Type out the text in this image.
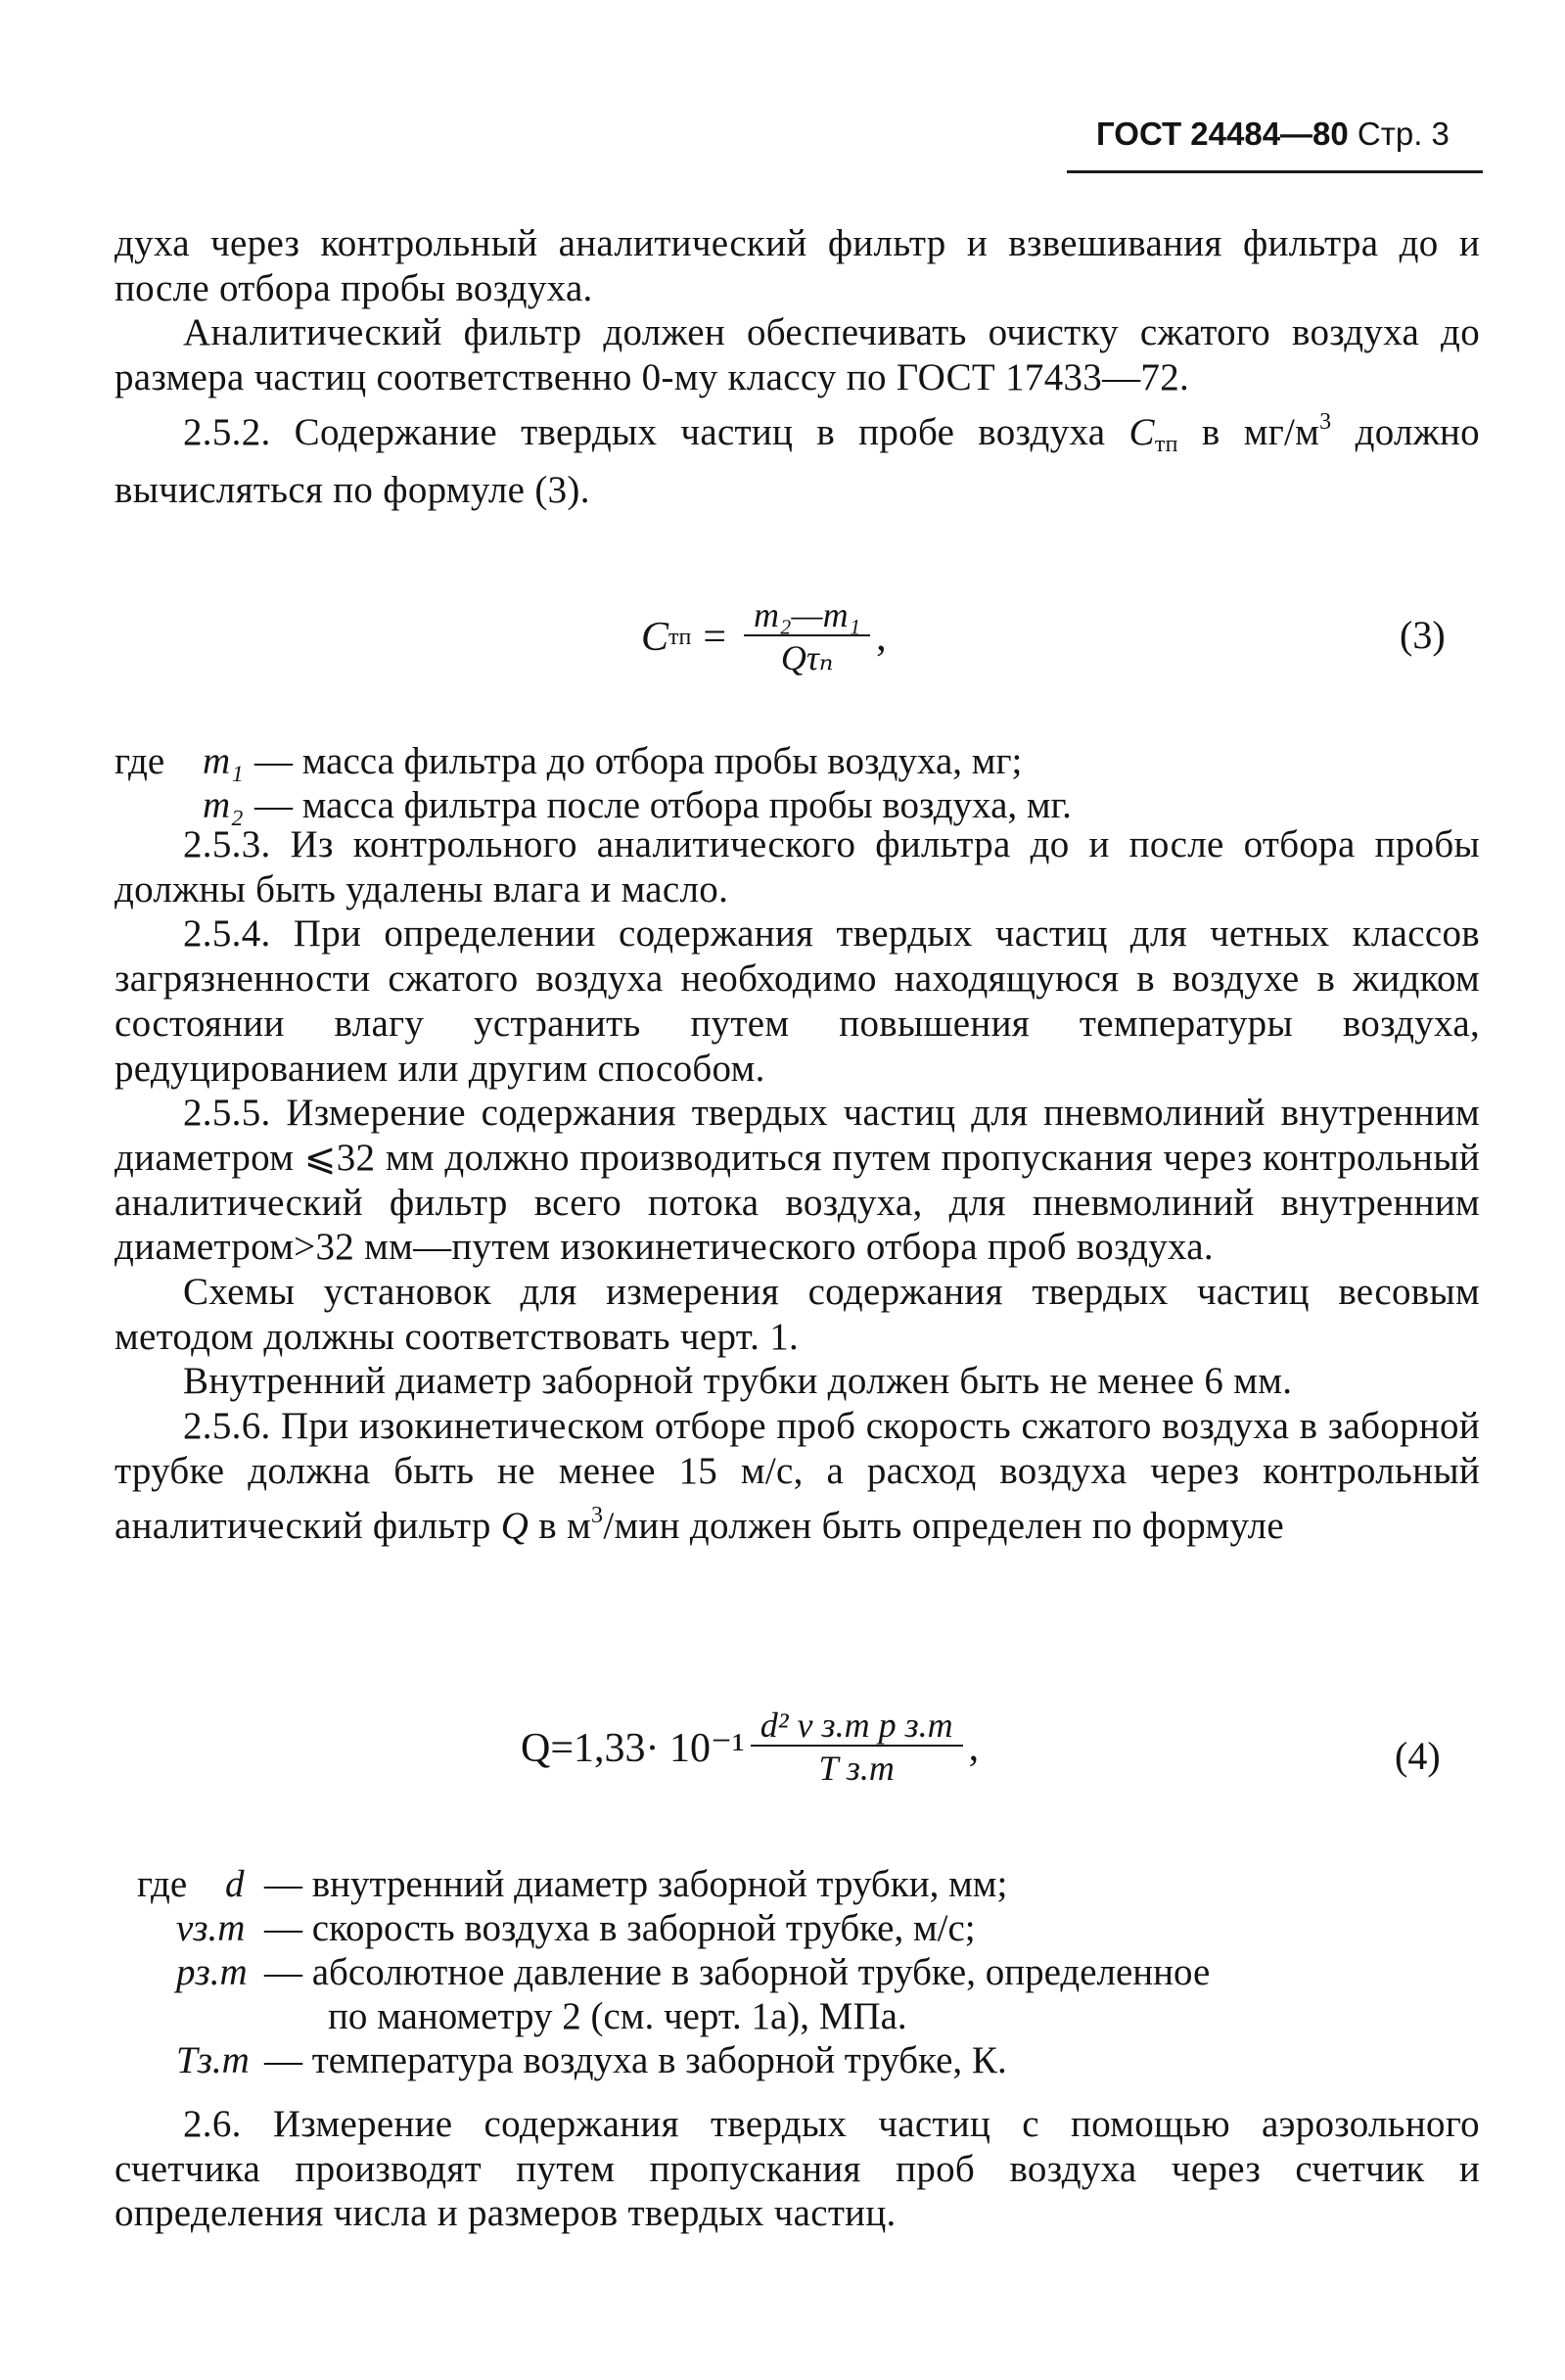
ГОСТ 24484—80 Стр. 3

духа через контрольный аналитический фильтр и взвешивания фильтра до и после отбора пробы воздуха.

Аналитический фильтр должен обеспечивать очистку сжатого воздуха до размера частиц соответственно 0-му классу по ГОСТ 17433—72.

2.5.2. Содержание твердых частиц в пробе воздуха $C_{тп}$ в $мг/м^3$ должно вычисляться по формуле (3).

C тп = $\frac{\text{m₂—m₁}}{\text{Qτₙ}}$ ,	(3)
где m₁ — масса фильтра до отбора пробы воздуха, мг;
m₂ — масса фильтра после отбора пробы воздуха, мг.

2.5.3. Из контрольного аналитического фильтра до и после отбора пробы должны быть удалены влага и масло.

2.5.4. При определении содержания твердых частиц для четных классов загрязненности сжатого воздуха необходимо находящуюся в воздухе в жидком состоянии влагу устранить путем повышения температуры воздуха, редуцированием или другим способом.

2.5.5. Измерение содержания твердых частиц для пневмолиний внутренним диаметром ⩽32 мм должно производиться путем пропускания через контрольный аналитический фильтр всего потока воздуха, для пневмолиний внутренним диаметром>32 мм—путем изокинетического отбора проб воздуха.

Схемы установок для измерения содержания твердых частиц весовым методом должны соответствовать черт. 1.

Внутренний диаметр заборной трубки должен быть не менее 6 мм.

2.5.6. При изокинетическом отборе проб скорость сжатого воздуха в заборной трубке должна быть не менее 15 м/с, а расход воздуха через контрольный аналитический фильтр Q в $м^3$/мин должен быть определен по формуле

$Q=1,33\cdot 10^{-1} \frac{\text{d² v з.т p з.т}}{\text{T з.т}}$ ,	(4)
где d — внутренний диаметр заборной трубки, мм;
vз.т — скорость воздуха в заборной трубке, м/с;
pз.т — абсолютное давление в заборной трубке, определенное
по манометру 2 (см. черт. 1а), МПа.
Tз.т — температура воздуха в заборной трубке, К.

2.6. Измерение содержания твердых частиц с помощью аэрозольного счетчика производят путем пропускания проб воздуха через счетчик и определения числа и размеров твердых частиц.
